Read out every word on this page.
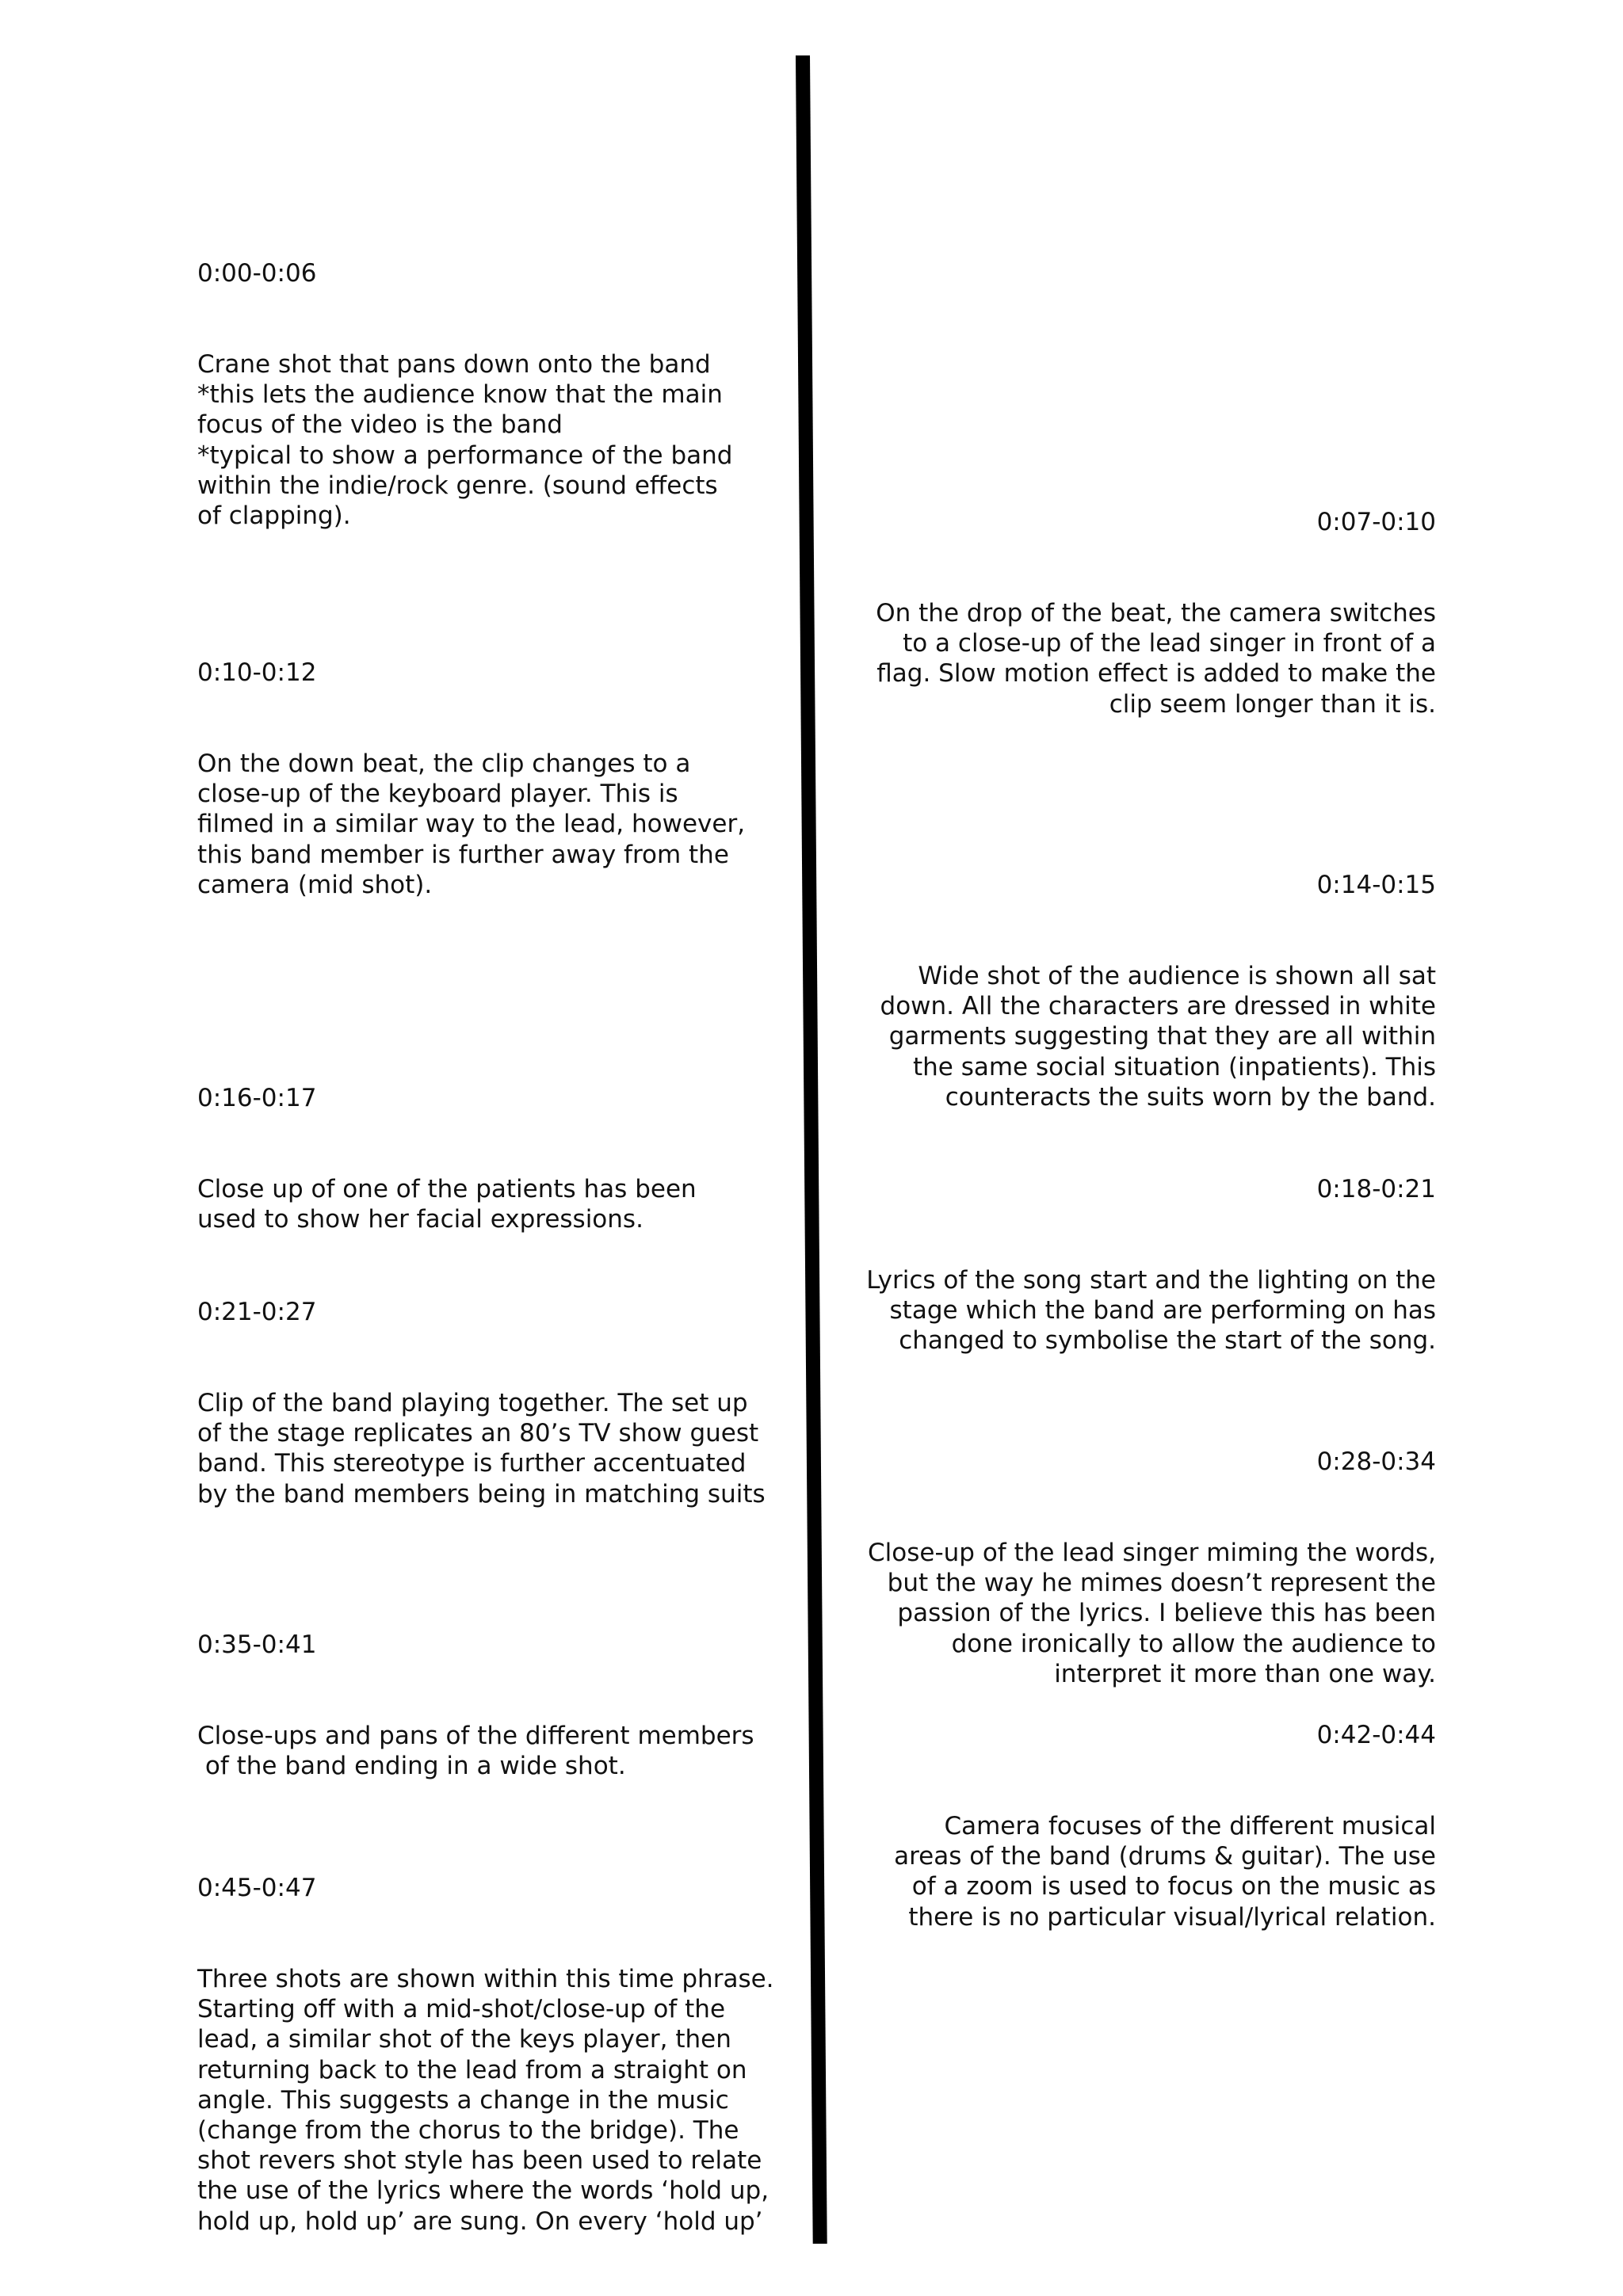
0:00-0:06

Crane shot that pans down onto the band
*this lets the audience know that the main
focus of the video is the band
*typical to show a performance of the band
within the indie/rock genre. (sound effects
of clapping).

0:10-0:12

On the down beat, the clip changes to a
close-up of the keyboard player. This is
filmed in a similar way to the lead, however,
this band member is further away from the
camera (mid shot).

0:16-0:17

Close up of one of the patients has been
used to show her facial expressions.

0:21-0:27

Clip of the band playing together. The set up
of the stage replicates an 80’s TV show guest
band. This stereotype is further accentuated
by the band members being in matching suits

0:35-0:41

Close-ups and pans of the different members
of the band ending in a wide shot.

0:45-0:47

Three shots are shown within this time phrase.
Starting off with a mid-shot/close-up of the
lead, a similar shot of the keys player, then
returning back to the lead from a straight on
angle. This suggests a change in the music
(change from the chorus to the bridge). The
shot revers shot style has been used to relate
the use of the lyrics where the words ‘hold up,
hold up, hold up’ are sung. On every ‘hold up’

0:07-0:10

On the drop of the beat, the camera switches
to a close-up of the lead singer in front of a
flag. Slow motion effect is added to make the
clip seem longer than it is.

0:14-0:15

Wide shot of the audience is shown all sat
down. All the characters are dressed in white
garments suggesting that they are all within
the same social situation (inpatients). This
counteracts the suits worn by the band.

0:18-0:21

Lyrics of the song start and the lighting on the
stage which the band are performing on has
changed to symbolise the start of the song.

0:28-0:34

Close-up of the lead singer miming the words,
but the way he mimes doesn’t represent the
passion of the lyrics. I believe this has been
done ironically to allow the audience to
interpret it more than one way.

0:42-0:44

Camera focuses of the different musical
areas of the band (drums & guitar). The use
of a zoom is used to focus on the music as
there is no particular visual/lyrical relation.
